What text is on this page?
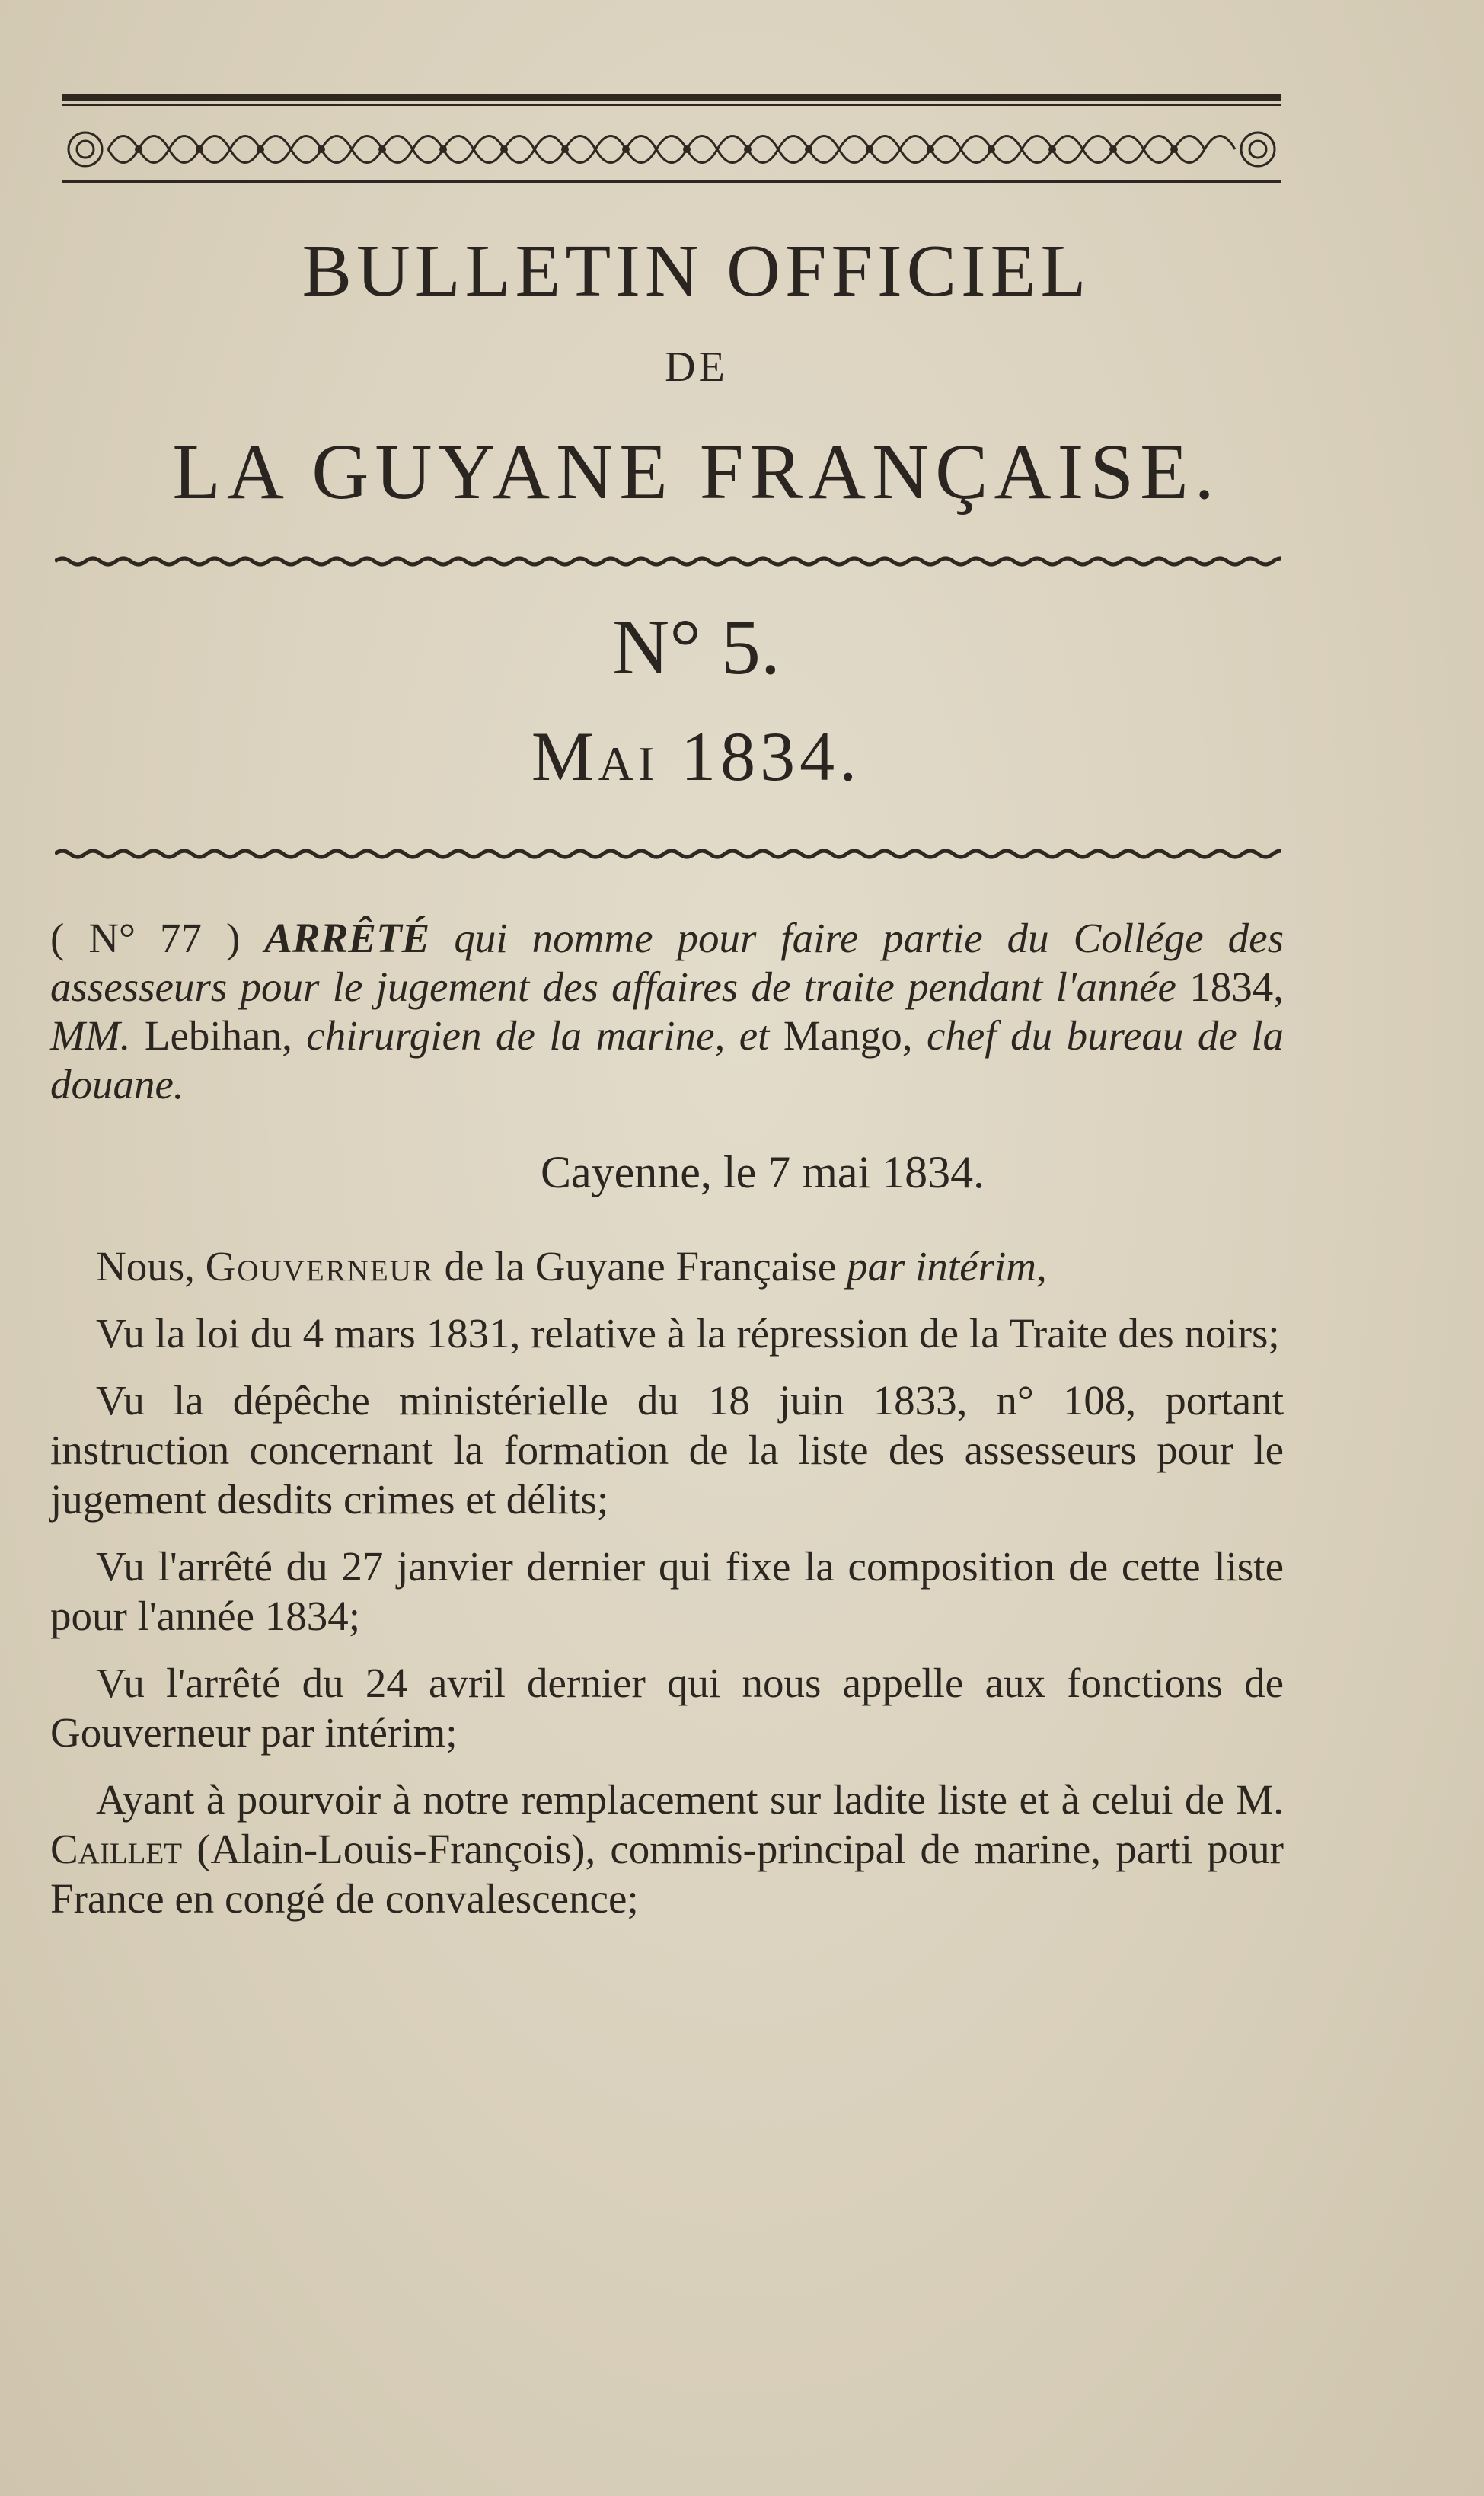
BULLETIN OFFICIEL
DE
LA GUYANE FRANÇAISE.
N° 5.
Mai 1834.
( N° 77 ) ARRÊTÉ qui nomme pour faire partie du Collége des assesseurs pour le jugement des affaires de traite pendant l'année 1834, MM. Lebihan, chirurgien de la marine, et Mango, chef du bureau de la douane.
Cayenne, le 7 mai 1834.

Nous, Gouverneur de la Guyane Française par intérim,

Vu la loi du 4 mars 1831, relative à la répression de la Traite des noirs;

Vu la dépêche ministérielle du 18 juin 1833, n° 108, portant instruction concernant la formation de la liste des assesseurs pour le jugement desdits crimes et délits;

Vu l'arrêté du 27 janvier dernier qui fixe la composition de cette liste pour l'année 1834;

Vu l'arrêté du 24 avril dernier qui nous appelle aux fonctions de Gouverneur par intérim;

Ayant à pourvoir à notre remplacement sur ladite liste et à celui de M. Caillet (Alain-Louis-François), commis-principal de marine, parti pour France en congé de convalescence;
